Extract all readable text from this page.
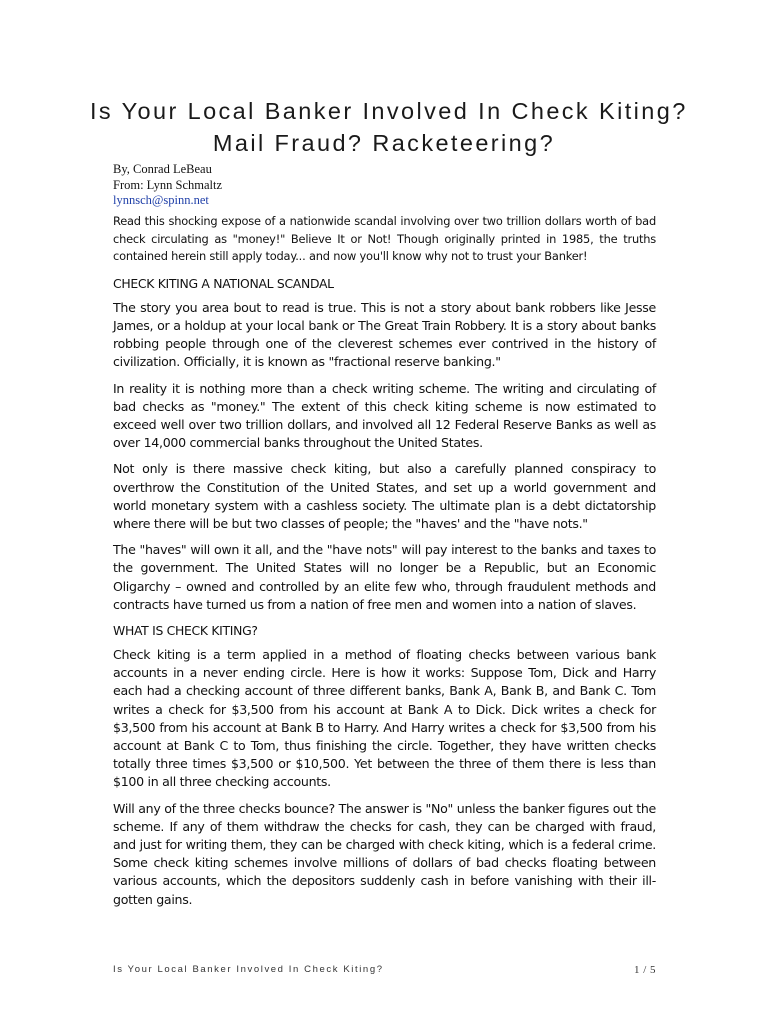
Is Your Local Banker Involved In Check Kiting?
Mail Fraud? Racketeering?
By, Conrad LeBeau
From: Lynn Schmaltz
lynnsch@spinn.net

Read this shocking expose of a nationwide scandal involving over two trillion dollars worth of bad check circulating as "money!" Believe It or Not! Though originally printed in 1985, the truths contained herein still apply today... and now you'll know why not to trust your Banker!

CHECK KITING A NATIONAL SCANDAL

The story you area bout to read is true. This is not a story about bank robbers like Jesse James, or a holdup at your local bank or The Great Train Robbery. It is a story about banks robbing people through one of the cleverest schemes ever contrived in the history of civilization. Officially, it is known as "fractional reserve banking."

In reality it is nothing more than a check writing scheme. The writing and circulating of bad checks as "money." The extent of this check kiting scheme is now estimated to exceed well over two trillion dollars, and involved all 12 Federal Reserve Banks as well as over 14,000 commercial banks throughout the United States.

Not only is there massive check kiting, but also a carefully planned conspiracy to overthrow the Constitution of the United States, and set up a world government and world monetary system with a cashless society. The ultimate plan is a debt dictatorship where there will be but two classes of people; the "haves' and the "have nots."

The "haves" will own it all, and the "have nots" will pay interest to the banks and taxes to the government. The United States will no longer be a Republic, but an Economic Oligarchy – owned and controlled by an elite few who, through fraudulent methods and contracts have turned us from a nation of free men and women into a nation of slaves.

WHAT IS CHECK KITING?

Check kiting is a term applied in a method of floating checks between various bank accounts in a never ending circle. Here is how it works: Suppose Tom, Dick and Harry each had a checking account of three different banks, Bank A, Bank B, and Bank C. Tom writes a check for $3,500 from his account at Bank A to Dick. Dick writes a check for $3,500 from his account at Bank B to Harry. And Harry writes a check for $3,500 from his account at Bank C to Tom, thus finishing the circle. Together, they have written checks totally three times $3,500 or $10,500. Yet between the three of them there is less than $100 in all three checking accounts.

Will any of the three checks bounce? The answer is "No" unless the banker figures out the scheme. If any of them withdraw the checks for cash, they can be charged with fraud, and just for writing them, they can be charged with check kiting, which is a federal crime. Some check kiting schemes involve millions of dollars of bad checks floating between various accounts, which the depositors suddenly cash in before vanishing with their ill-gotten gains.

Is Your Local Banker Involved In Check Kiting?	1 / 5
